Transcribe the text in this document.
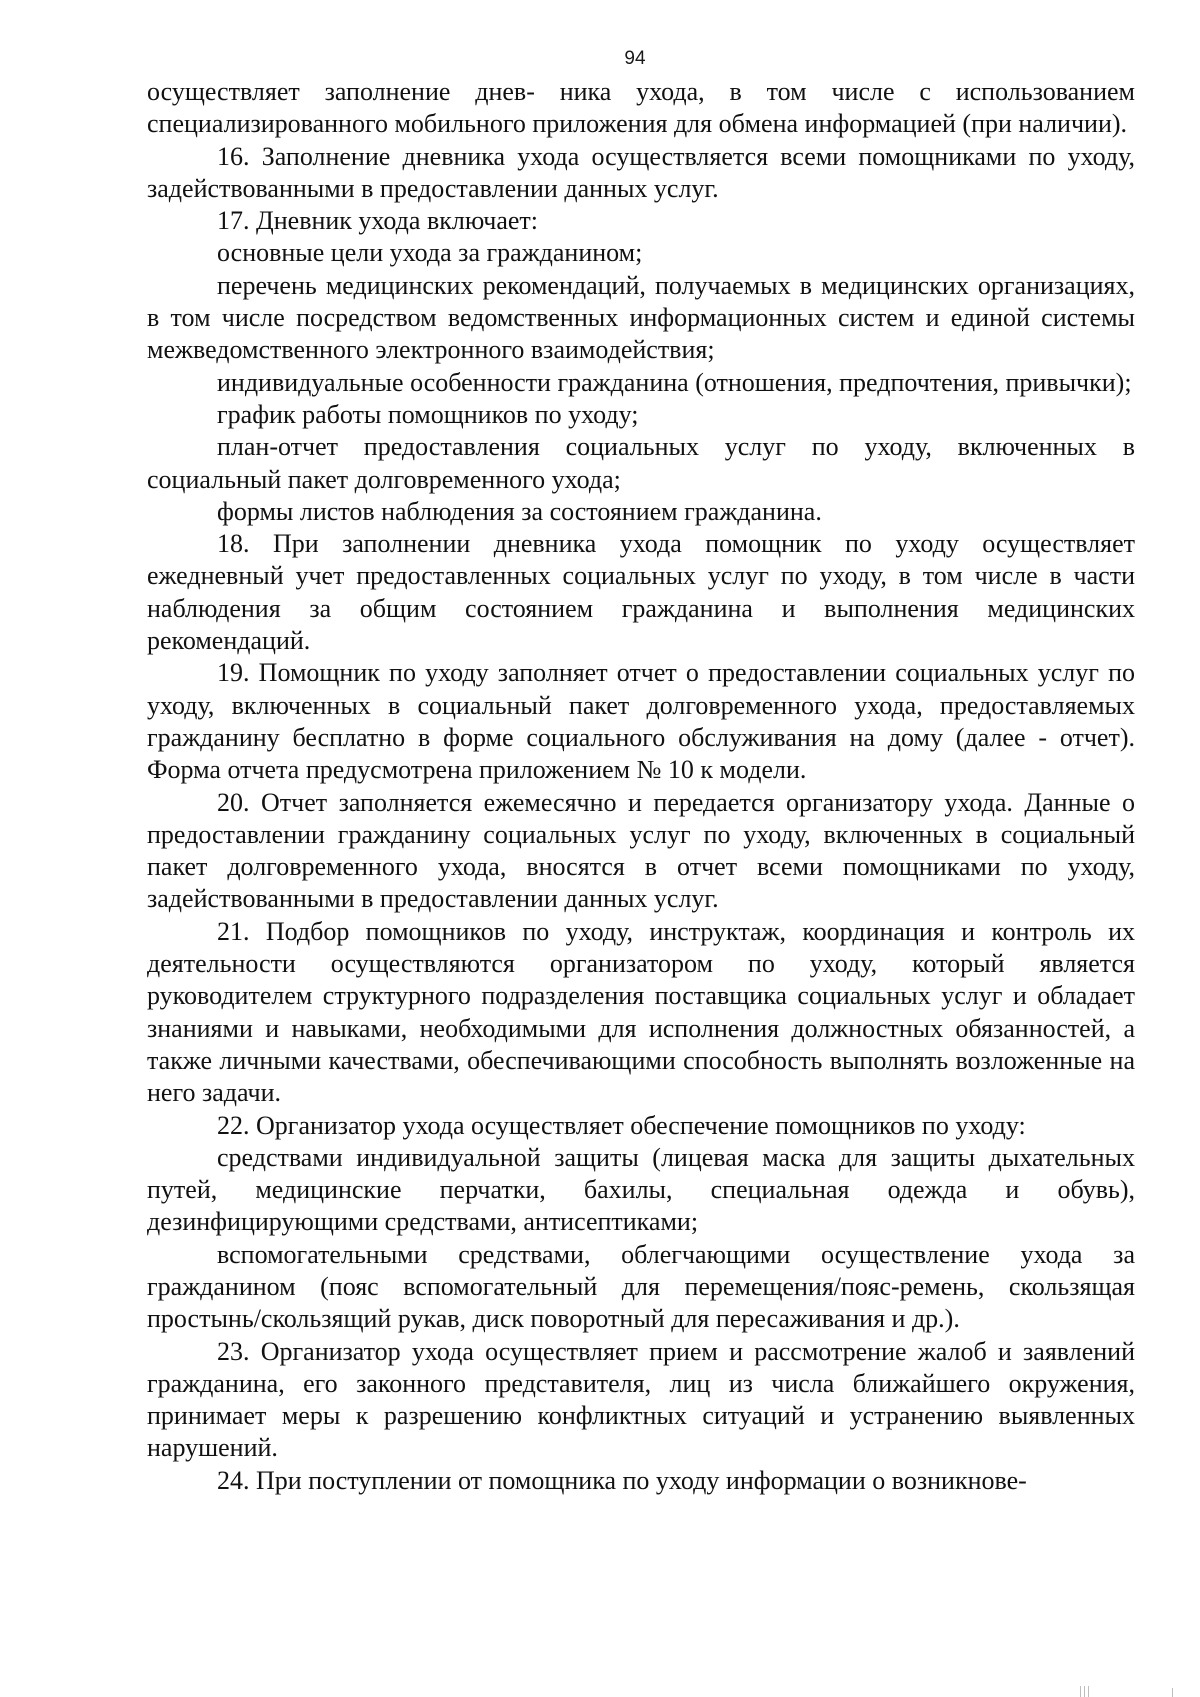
94

осуществляет заполнение днев- ника ухода, в том числе с использованием специализированного мобильного приложения для обмена информацией (при наличии).

16. Заполнение дневника ухода осуществляется всеми помощниками по уходу, задействованными в предоставлении данных услуг.

17. Дневник ухода включает:

основные цели ухода за гражданином;

перечень медицинских рекомендаций, получаемых в медицинских организациях, в том числе посредством ведомственных информационных систем и единой системы межведомственного электронного взаимодействия;

индивидуальные особенности гражданина (отношения, предпочтения, привычки);

график работы помощников по уходу;

план-отчет предоставления социальных услуг по уходу, включенных в социальный пакет долговременного ухода;

формы листов наблюдения за состоянием гражданина.

18. При заполнении дневника ухода помощник по уходу осуществляет ежедневный учет предоставленных социальных услуг по уходу, в том числе в части наблюдения за общим состоянием гражданина и выполнения медицинских рекомендаций.

19. Помощник по уходу заполняет отчет о предоставлении социальных услуг по уходу, включенных в социальный пакет долговременного ухода, предоставляемых гражданину бесплатно в форме социального обслуживания на дому (далее - отчет). Форма отчета предусмотрена приложением № 10 к модели.

20. Отчет заполняется ежемесячно и передается организатору ухода. Данные о предоставлении гражданину социальных услуг по уходу, включенных в социальный пакет долговременного ухода, вносятся в отчет всеми помощниками по уходу, задействованными в предоставлении данных услуг.

21. Подбор помощников по уходу, инструктаж, координация и контроль их деятельности осуществляются организатором по уходу, который является руководителем структурного подразделения поставщика социальных услуг и обладает знаниями и навыками, необходимыми для исполнения должностных обязанностей, а также личными качествами, обеспечивающими способность выполнять возложенные на него задачи.

22. Организатор ухода осуществляет обеспечение помощников по уходу:

средствами индивидуальной защиты (лицевая маска для защиты дыхательных путей, медицинские перчатки, бахилы, специальная одежда и обувь), дезинфицирующими средствами, антисептиками;

вспомогательными средствами, облегчающими осуществление ухода за гражданином (пояс вспомогательный для перемещения/пояс-ремень, скользящая простынь/скользящий рукав, диск поворотный для пересаживания и др.).

23. Организатор ухода осуществляет прием и рассмотрение жалоб и заявлений гражданина, его законного представителя, лиц из числа ближайшего окружения, принимает меры к разрешению конфликтных ситуаций и устранению выявленных нарушений.

24. При поступлении от помощника по уходу информации о возникнове-
